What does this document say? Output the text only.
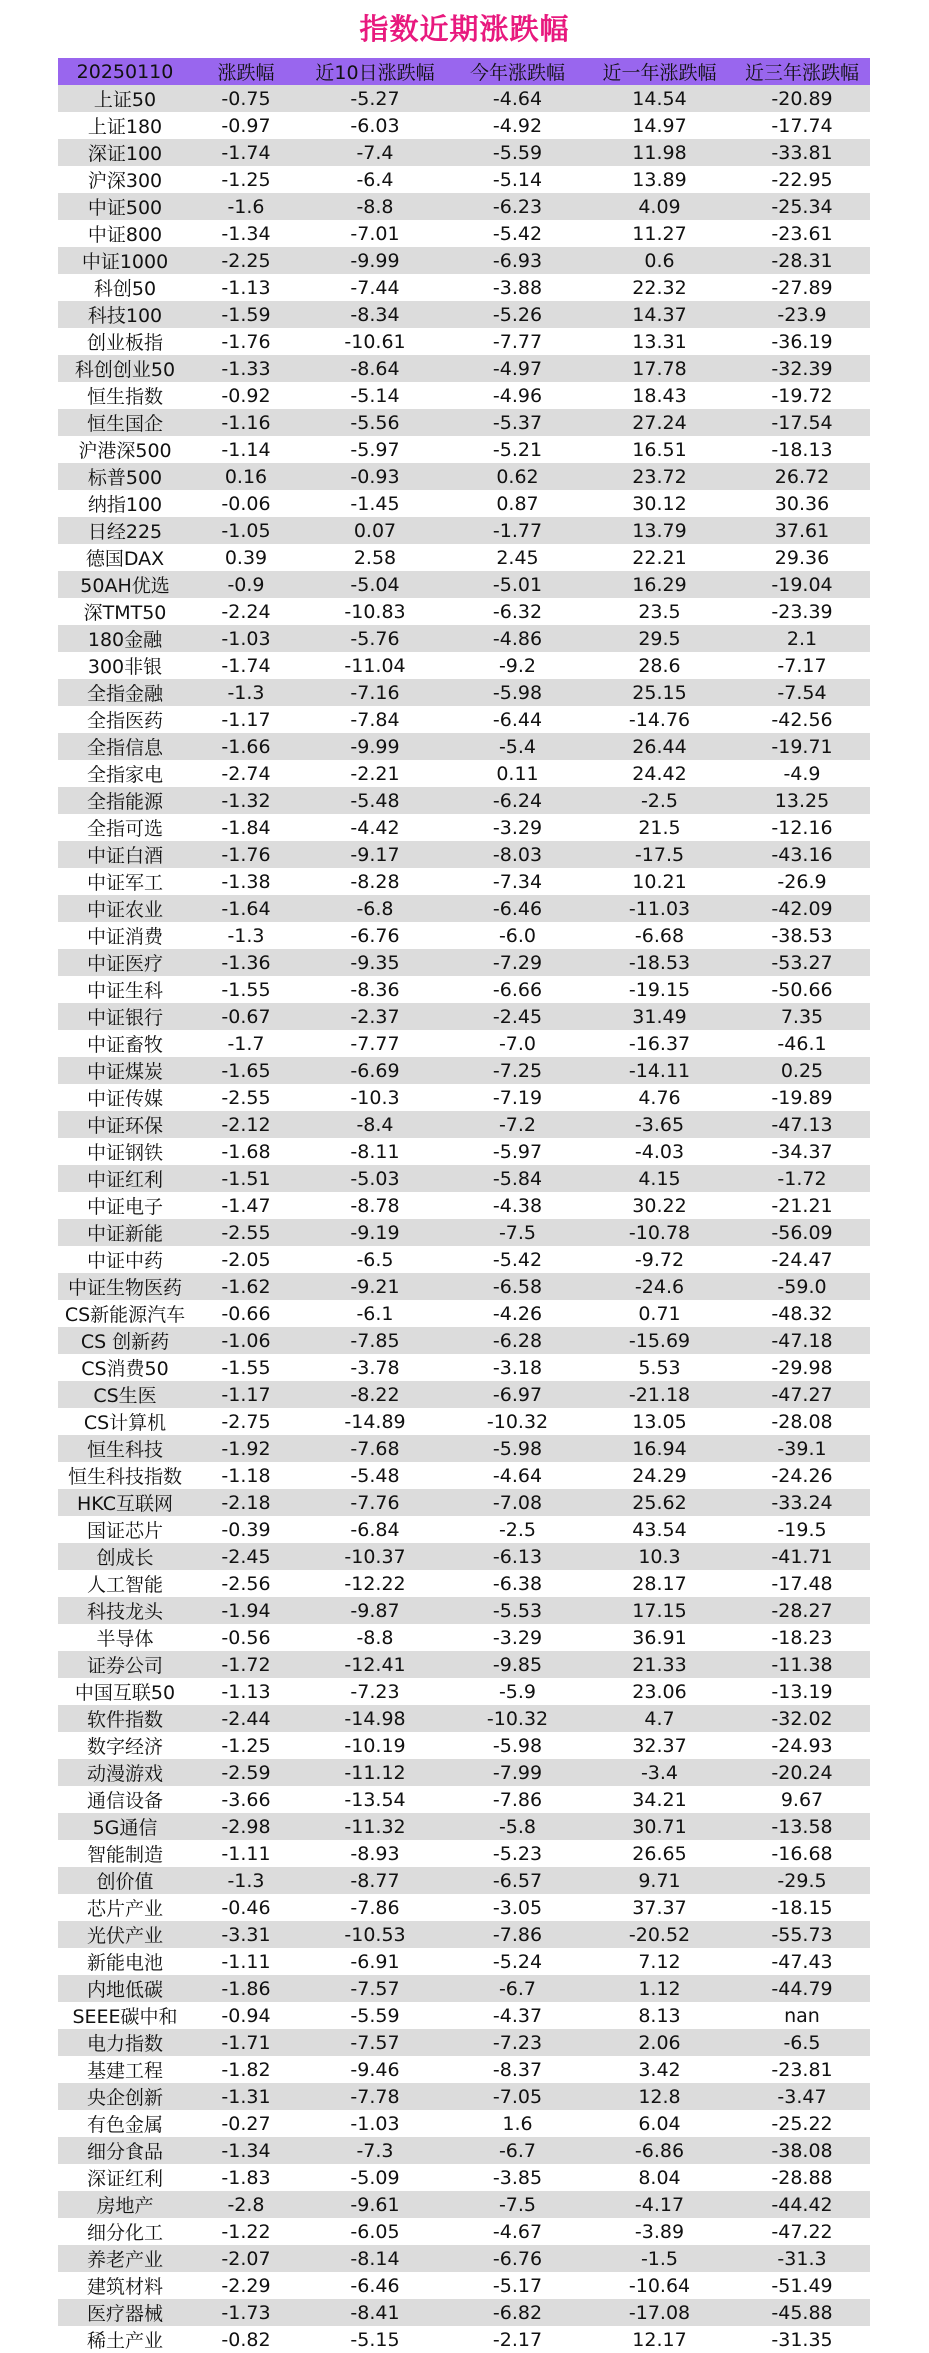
指数近期涨跌幅
20250110	涨跌幅	近10日涨跌幅	今年涨跌幅	近一年涨跌幅	近三年涨跌幅
上证50	-0.75	-5.27	-4.64	14.54	-20.89
上证180	-0.97	-6.03	-4.92	14.97	-17.74
深证100	-1.74	-7.4	-5.59	11.98	-33.81
沪深300	-1.25	-6.4	-5.14	13.89	-22.95
中证500	-1.6	-8.8	-6.23	4.09	-25.34
中证800	-1.34	-7.01	-5.42	11.27	-23.61
中证1000	-2.25	-9.99	-6.93	0.6	-28.31
科创50	-1.13	-7.44	-3.88	22.32	-27.89
科技100	-1.59	-8.34	-5.26	14.37	-23.9
创业板指	-1.76	-10.61	-7.77	13.31	-36.19
科创创业50	-1.33	-8.64	-4.97	17.78	-32.39
恒生指数	-0.92	-5.14	-4.96	18.43	-19.72
恒生国企	-1.16	-5.56	-5.37	27.24	-17.54
沪港深500	-1.14	-5.97	-5.21	16.51	-18.13
标普500	0.16	-0.93	0.62	23.72	26.72
纳指100	-0.06	-1.45	0.87	30.12	30.36
日经225	-1.05	0.07	-1.77	13.79	37.61
德国DAX	0.39	2.58	2.45	22.21	29.36
50AH优选	-0.9	-5.04	-5.01	16.29	-19.04
深TMT50	-2.24	-10.83	-6.32	23.5	-23.39
180金融	-1.03	-5.76	-4.86	29.5	2.1
300非银	-1.74	-11.04	-9.2	28.6	-7.17
全指金融	-1.3	-7.16	-5.98	25.15	-7.54
全指医药	-1.17	-7.84	-6.44	-14.76	-42.56
全指信息	-1.66	-9.99	-5.4	26.44	-19.71
全指家电	-2.74	-2.21	0.11	24.42	-4.9
全指能源	-1.32	-5.48	-6.24	-2.5	13.25
全指可选	-1.84	-4.42	-3.29	21.5	-12.16
中证白酒	-1.76	-9.17	-8.03	-17.5	-43.16
中证军工	-1.38	-8.28	-7.34	10.21	-26.9
中证农业	-1.64	-6.8	-6.46	-11.03	-42.09
中证消费	-1.3	-6.76	-6.0	-6.68	-38.53
中证医疗	-1.36	-9.35	-7.29	-18.53	-53.27
中证生科	-1.55	-8.36	-6.66	-19.15	-50.66
中证银行	-0.67	-2.37	-2.45	31.49	7.35
中证畜牧	-1.7	-7.77	-7.0	-16.37	-46.1
中证煤炭	-1.65	-6.69	-7.25	-14.11	0.25
中证传媒	-2.55	-10.3	-7.19	4.76	-19.89
中证环保	-2.12	-8.4	-7.2	-3.65	-47.13
中证钢铁	-1.68	-8.11	-5.97	-4.03	-34.37
中证红利	-1.51	-5.03	-5.84	4.15	-1.72
中证电子	-1.47	-8.78	-4.38	30.22	-21.21
中证新能	-2.55	-9.19	-7.5	-10.78	-56.09
中证中药	-2.05	-6.5	-5.42	-9.72	-24.47
中证生物医药	-1.62	-9.21	-6.58	-24.6	-59.0
CS新能源汽车	-0.66	-6.1	-4.26	0.71	-48.32
CS 创新药	-1.06	-7.85	-6.28	-15.69	-47.18
CS消费50	-1.55	-3.78	-3.18	5.53	-29.98
CS生医	-1.17	-8.22	-6.97	-21.18	-47.27
CS计算机	-2.75	-14.89	-10.32	13.05	-28.08
恒生科技	-1.92	-7.68	-5.98	16.94	-39.1
恒生科技指数	-1.18	-5.48	-4.64	24.29	-24.26
HKC互联网	-2.18	-7.76	-7.08	25.62	-33.24
国证芯片	-0.39	-6.84	-2.5	43.54	-19.5
创成长	-2.45	-10.37	-6.13	10.3	-41.71
人工智能	-2.56	-12.22	-6.38	28.17	-17.48
科技龙头	-1.94	-9.87	-5.53	17.15	-28.27
半导体	-0.56	-8.8	-3.29	36.91	-18.23
证券公司	-1.72	-12.41	-9.85	21.33	-11.38
中国互联50	-1.13	-7.23	-5.9	23.06	-13.19
软件指数	-2.44	-14.98	-10.32	4.7	-32.02
数字经济	-1.25	-10.19	-5.98	32.37	-24.93
动漫游戏	-2.59	-11.12	-7.99	-3.4	-20.24
通信设备	-3.66	-13.54	-7.86	34.21	9.67
5G通信	-2.98	-11.32	-5.8	30.71	-13.58
智能制造	-1.11	-8.93	-5.23	26.65	-16.68
创价值	-1.3	-8.77	-6.57	9.71	-29.5
芯片产业	-0.46	-7.86	-3.05	37.37	-18.15
光伏产业	-3.31	-10.53	-7.86	-20.52	-55.73
新能电池	-1.11	-6.91	-5.24	7.12	-47.43
内地低碳	-1.86	-7.57	-6.7	1.12	-44.79
SEEE碳中和	-0.94	-5.59	-4.37	8.13	nan
电力指数	-1.71	-7.57	-7.23	2.06	-6.5
基建工程	-1.82	-9.46	-8.37	3.42	-23.81
央企创新	-1.31	-7.78	-7.05	12.8	-3.47
有色金属	-0.27	-1.03	1.6	6.04	-25.22
细分食品	-1.34	-7.3	-6.7	-6.86	-38.08
深证红利	-1.83	-5.09	-3.85	8.04	-28.88
房地产	-2.8	-9.61	-7.5	-4.17	-44.42
细分化工	-1.22	-6.05	-4.67	-3.89	-47.22
养老产业	-2.07	-8.14	-6.76	-1.5	-31.3
建筑材料	-2.29	-6.46	-5.17	-10.64	-51.49
医疗器械	-1.73	-8.41	-6.82	-17.08	-45.88
稀土产业	-0.82	-5.15	-2.17	12.17	-31.35
